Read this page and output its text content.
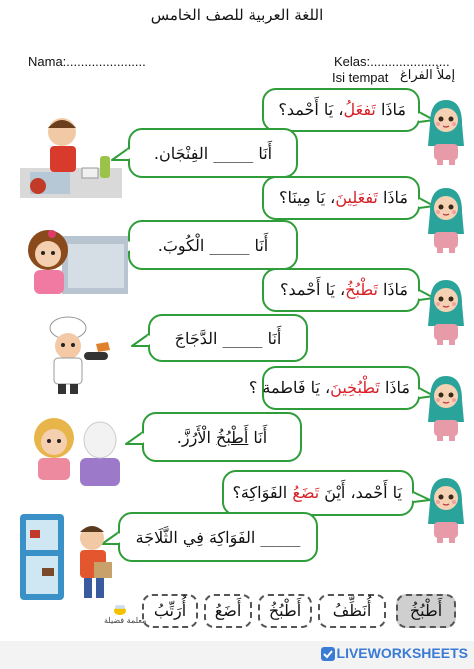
اللغة العربية للصف الخامس
Nama:......................	Kelas:......................
Isi tempat إملأ الفراغ
مَاذَا تَفعَلُ، يَا أَحْمد؟
أَنَا _____ الفِنْجَان.
مَاذَا تَفعَلِينَ، يَا مِينَا؟
أَنَا _____ الْكُوبَ.
مَاذَا تَطْبُخُ، يَا أَحْمد؟
أَنَا _____ الدَّجَاجَ
مَاذَا تَطْبُخِينَ، يَا فَاطمة ؟
أَنَا أَطْبُخُ الْأَرُزَّ.
يَا أَحْمد، أَيْنَ تَضَعُ الفَوَاكِهَ؟
_____ الفَوَاكِهَ فِي الثَّلَاجَة
معلمة فضيلة
أَطْبُخُ
أُنَظِّفُ
أَطْبُخُ
أَضَعُ
أُرَتِّبُ
LIVEWORKSHEETS
